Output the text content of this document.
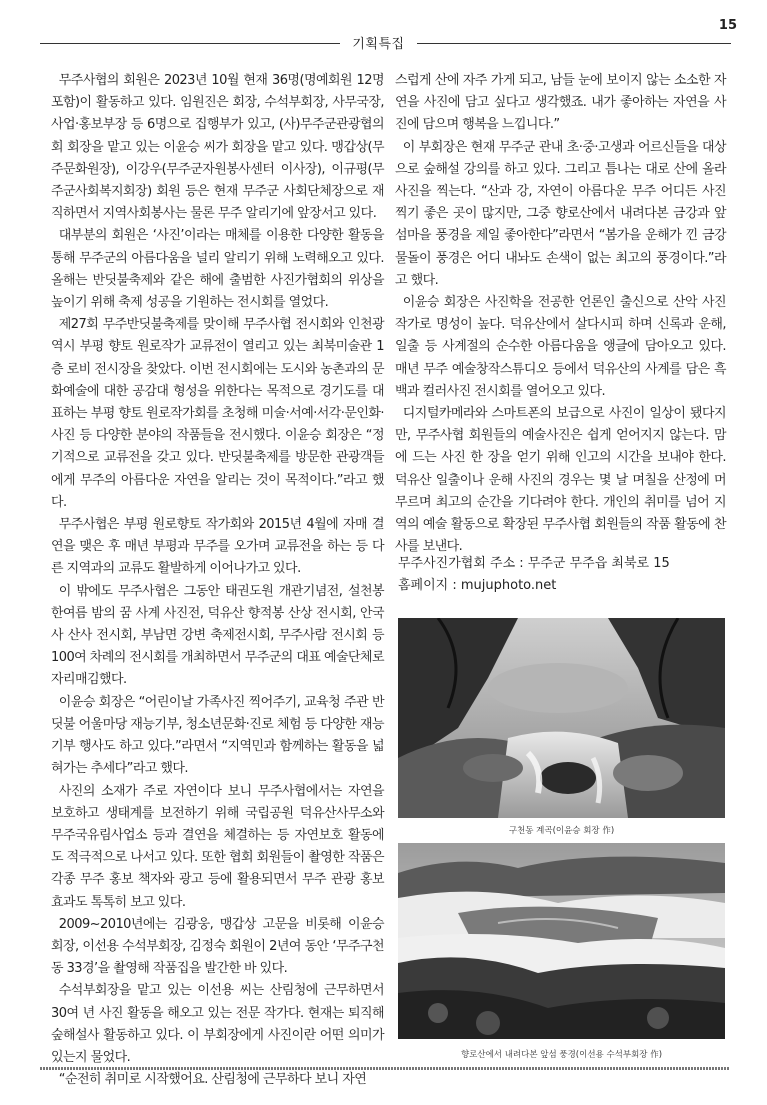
15
기획특집

무주사협의 회원은 2023년 10월 현재 36명(명예회원 12명 포함)이 활동하고 있다. 임원진은 회장, 수석부회장, 사무국장, 사업·홍보부장 등 6명으로 집행부가 있고, (사)무주군관광협의회 회장을 맡고 있는 이윤승 씨가 회장을 맡고 있다. 맹갑상(무주문화원장), 이강우(무주군자원봉사센터 이사장), 이규평(무주군사회복지회장) 회원 등은 현재 무주군 사회단체장으로 재직하면서 지역사회봉사는 물론 무주 알리기에 앞장서고 있다.

대부분의 회원은 ‘사진’이라는 매체를 이용한 다양한 활동을 통해 무주군의 아름다움을 널리 알리기 위해 노력해오고 있다. 올해는 반딧불축제와 같은 해에 출범한 사진가협회의 위상을 높이기 위해 축제 성공을 기원하는 전시회를 열었다.

제27회 무주반딧불축제를 맞이해 무주사협 전시회와 인천광역시 부평 향토 원로작가 교류전이 열리고 있는 최북미술관 1층 로비 전시장을 찾았다. 이번 전시회에는 도시와 농촌과의 문화예술에 대한 공감대 형성을 위한다는 목적으로 경기도를 대표하는 부평 향토 원로작가회를 초청해 미술·서예·서각·문인화·사진 등 다양한 분야의 작품들을 전시했다. 이윤승 회장은 “정기적으로 교류전을 갖고 있다. 반딧불축제를 방문한 관광객들에게 무주의 아름다운 자연을 알리는 것이 목적이다.”라고 했다.

무주사협은 부평 원로향토 작가회와 2015년 4월에 자매 결연을 맺은 후 매년 부평과 무주를 오가며 교류전을 하는 등 다른 지역과의 교류도 활발하게 이어나가고 있다.

이 밖에도 무주사협은 그동안 태권도원 개관기념전, 설천봉 한여름 밤의 꿈 사계 사진전, 덕유산 향적봉 산상 전시회, 안국사 산사 전시회, 부남면 강변 축제전시회, 무주사람 전시회 등 100여 차례의 전시회를 개최하면서 무주군의 대표 예술단체로 자리매김했다.

이윤승 회장은 “어린이날 가족사진 찍어주기, 교육청 주관 반딧불 어울마당 재능기부, 청소년문화·진로 체험 등 다양한 재능기부 행사도 하고 있다.”라면서 “지역민과 함께하는 활동을 넓혀가는 추세다”라고 했다.

사진의 소재가 주로 자연이다 보니 무주사협에서는 자연을 보호하고 생태계를 보전하기 위해 국립공원 덕유산사무소와 무주국유림사업소 등과 결연을 체결하는 등 자연보호 활동에도 적극적으로 나서고 있다. 또한 협회 회원들이 촬영한 작품은 각종 무주 홍보 책자와 광고 등에 활용되면서 무주 관광 홍보 효과도 톡톡히 보고 있다.

2009~2010년에는 김광웅, 맹갑상 고문을 비롯해 이윤승 회장, 이선용 수석부회장, 김정숙 회원이 2년여 동안 ‘무주구천동 33경’을 촬영해 작품집을 발간한 바 있다.

수석부회장을 맡고 있는 이선용 씨는 산림청에 근무하면서 30여 년 사진 활동을 해오고 있는 전문 작가다. 현재는 퇴직해 숲해설사 활동하고 있다. 이 부회장에게 사진이란 어떤 의미가 있는지 물었다.

“순전히 취미로 시작했어요. 산림청에 근무하다 보니 자연

스럽게 산에 자주 가게 되고, 남들 눈에 보이지 않는 소소한 자연을 사진에 담고 싶다고 생각했죠. 내가 좋아하는 자연을 사진에 담으며 행복을 느낍니다.”

이 부회장은 현재 무주군 관내 초·중·고생과 어르신들을 대상으로 숲해설 강의를 하고 있다. 그리고 틈나는 대로 산에 올라 사진을 찍는다. “산과 강, 자연이 아름다운 무주 어디든 사진 찍기 좋은 곳이 많지만, 그중 향로산에서 내려다본 금강과 앞섬마을 풍경을 제일 좋아한다”라면서 “봄가을 운해가 낀 금강 물돌이 풍경은 어디 내놔도 손색이 없는 최고의 풍경이다.”라고 했다.

이윤승 회장은 사진학을 전공한 언론인 출신으로 산악 사진작가로 명성이 높다. 덕유산에서 살다시피 하며 신록과 운해, 일출 등 사계절의 순수한 아름다움을 앵글에 담아오고 있다. 매년 무주 예술창작스튜디오 등에서 덕유산의 사계를 담은 흑백과 컬러사진 전시회를 열어오고 있다.

디지털카메라와 스마트폰의 보급으로 사진이 일상이 됐다지만, 무주사협 회원들의 예술사진은 쉽게 얻어지지 않는다. 맘에 드는 사진 한 장을 얻기 위해 인고의 시간을 보내야 한다. 덕유산 일출이나 운해 사진의 경우는 몇 날 며칠을 산정에 머무르며 최고의 순간을 기다려야 한다. 개인의 취미를 넘어 지역의 예술 활동으로 확장된 무주사협 회원들의 작품 활동에 찬사를 보낸다.

무주사진가협회 주소 : 무주군 무주읍 최북로 15
홈페이지 : mujuphoto.net
구천동 계곡(이윤승 회장 作)
향로산에서 내려다본 앞섬 풍경(이선용 수석부회장 作)
